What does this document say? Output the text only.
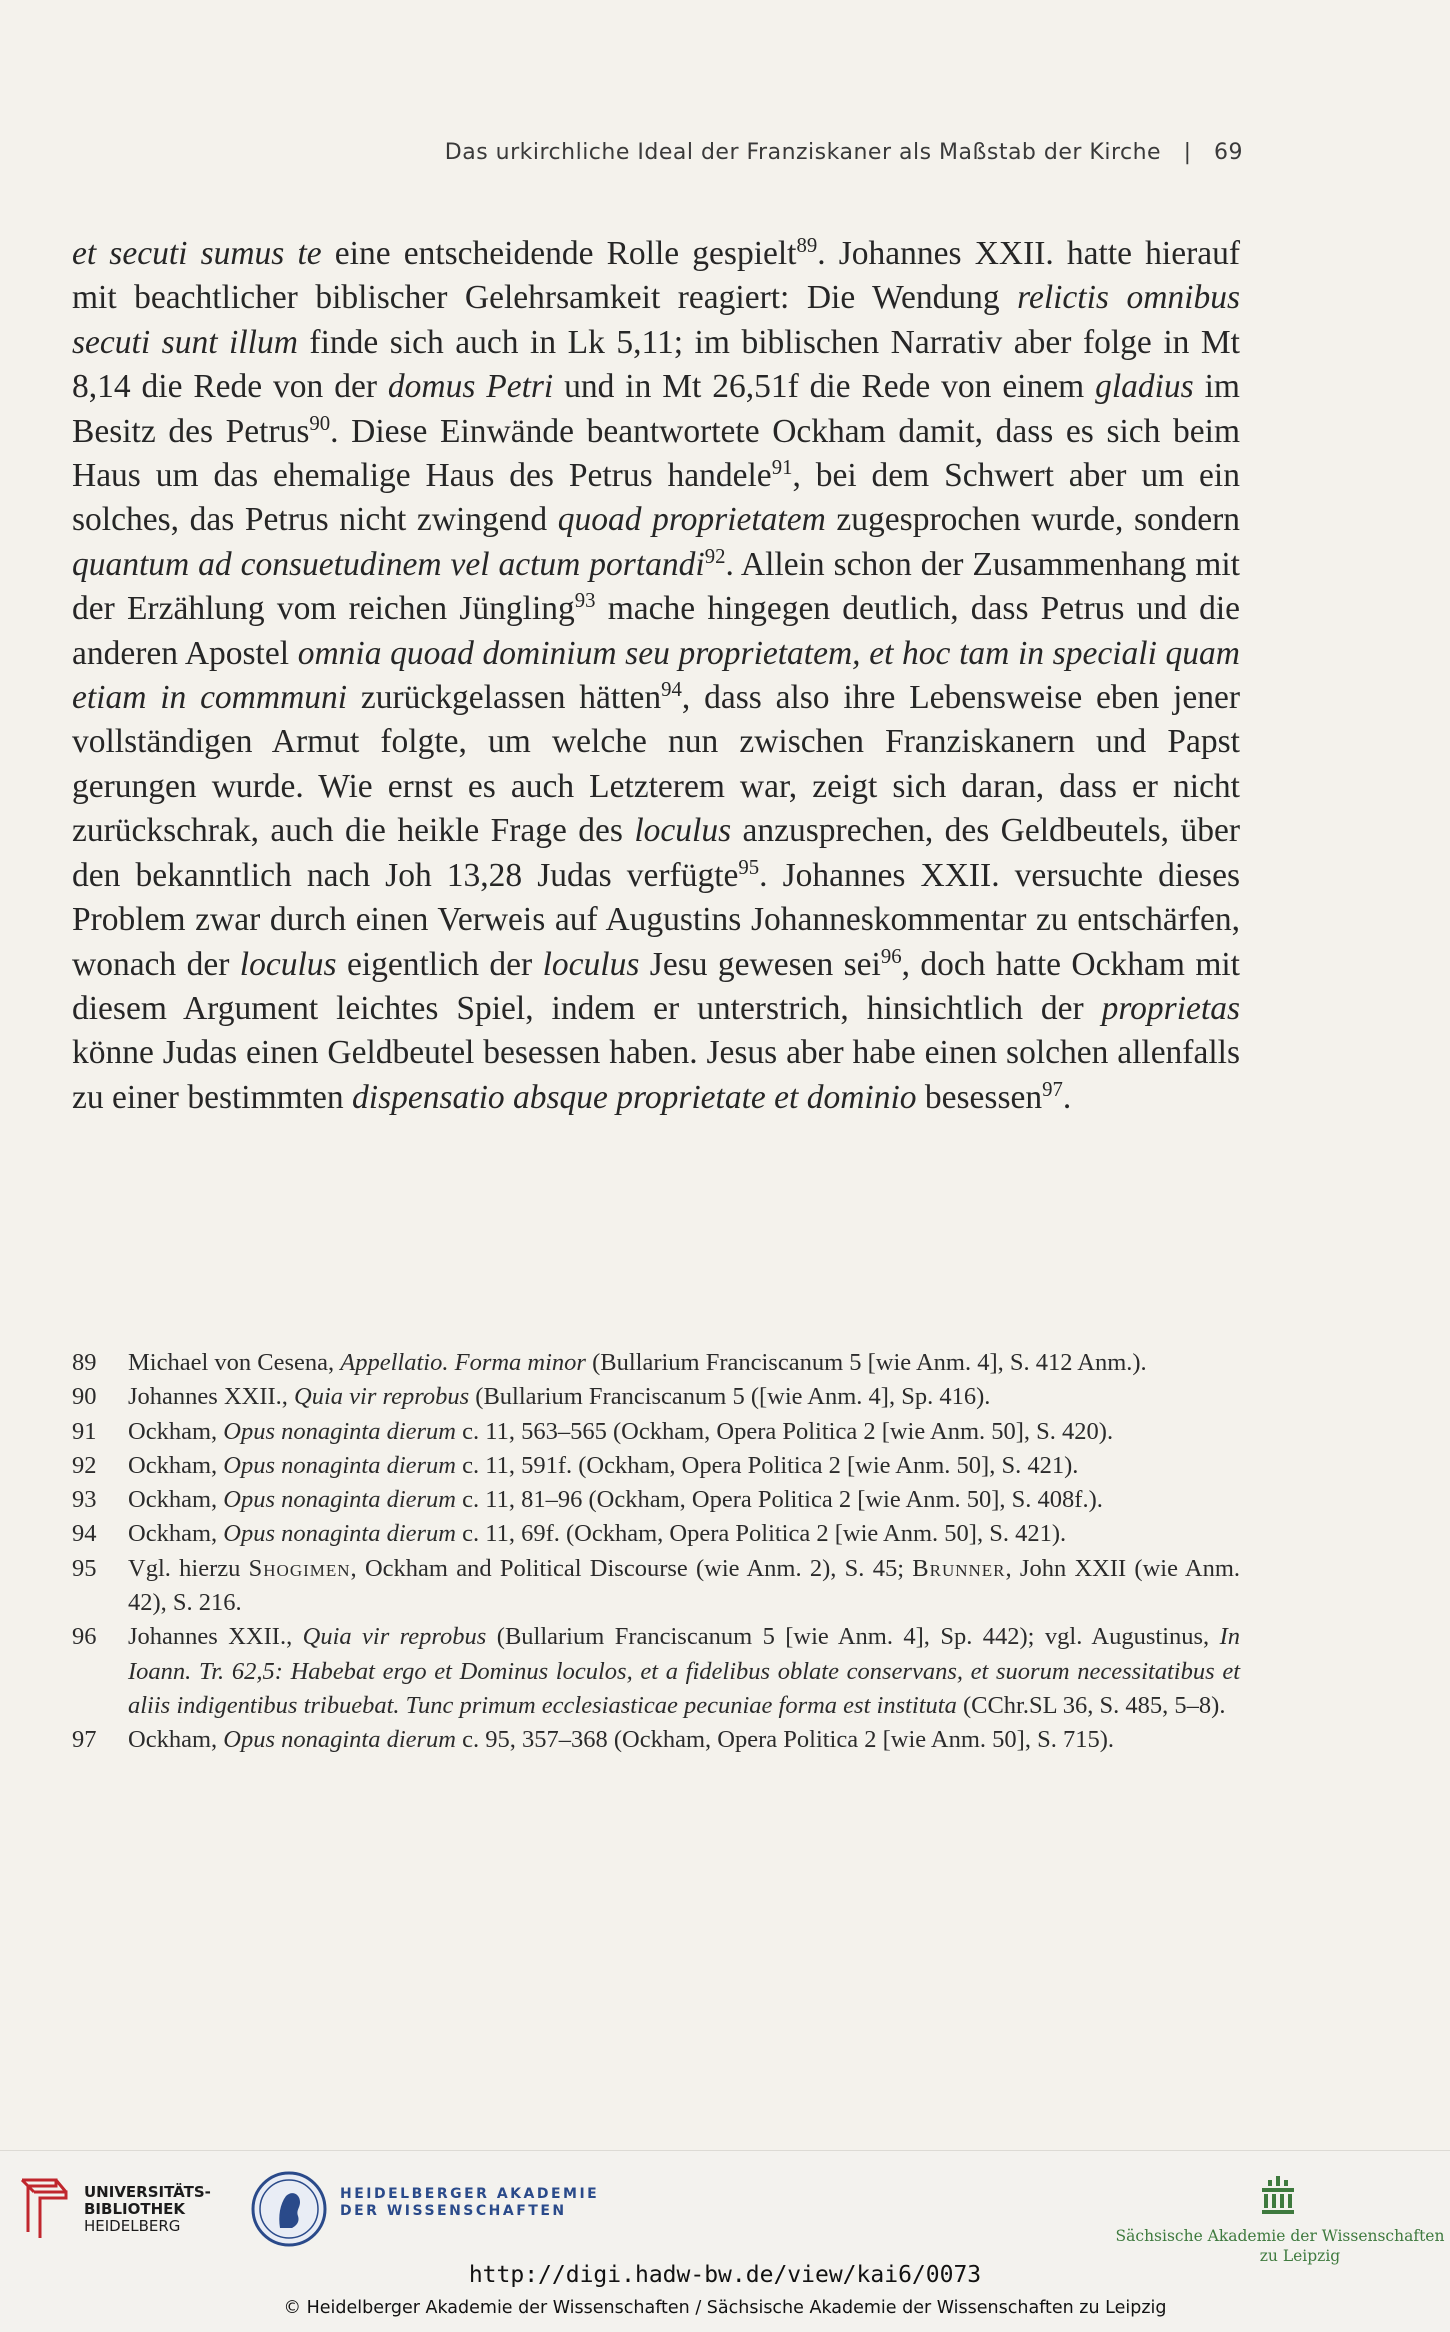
Das urkirchliche Ideal der Franziskaner als Maßstab der Kirche   |   69

et secuti sumus te eine entscheidende Rolle gespielt$^{89}$. Johannes XXII. hatte hierauf mit beachtlicher biblischer Gelehrsamkeit reagiert: Die Wendung relictis omnibus secuti sunt illum finde sich auch in Lk 5,11; im biblischen Narrativ aber folge in Mt 8,14 die Rede von der domus Petri und in Mt 26,51f die Rede von einem gladius im Besitz des Petrus$^{90}$. Diese Einwände beantwortete Ockham damit, dass es sich beim Haus um das ehemalige Haus des Petrus handele$^{91}$, bei dem Schwert aber um ein solches, das Petrus nicht zwingend quoad proprietatem zugesprochen wurde, sondern quantum ad consuetudinem vel actum portandi$^{92}$. Allein schon der Zusammenhang mit der Erzählung vom reichen Jüngling$^{93}$ mache hingegen deutlich, dass Petrus und die anderen Apostel omnia quoad dominium seu proprietatem, et hoc tam in speciali quam etiam in commmuni zurückgelassen hätten$^{94}$, dass also ihre Lebensweise eben jener vollständigen Armut folgte, um welche nun zwischen Franziskanern und Papst gerungen wurde. Wie ernst es auch Letzterem war, zeigt sich daran, dass er nicht zurückschrak, auch die heikle Frage des loculus anzusprechen, des Geldbeutels, über den bekanntlich nach Joh 13,28 Judas verfügte$^{95}$. Johannes XXII. versuchte dieses Problem zwar durch einen Verweis auf Augustins Johanneskommentar zu entschärfen, wonach der loculus eigentlich der loculus Jesu gewesen sei$^{96}$, doch hatte Ockham mit diesem Argument leichtes Spiel, indem er unterstrich, hinsichtlich der proprietas könne Judas einen Geldbeutel besessen haben. Jesus aber habe einen solchen allenfalls zu einer bestimmten dispensatio absque proprietate et dominio besessen$^{97}$.

89	Michael von Cesena, Appellatio. Forma minor (Bullarium Franciscanum 5 [wie Anm. 4], S. 412 Anm.).
90	Johannes XXII., Quia vir reprobus (Bullarium Franciscanum 5 ([wie Anm. 4], Sp. 416).
91	Ockham, Opus nonaginta dierum c. 11, 563–565 (Ockham, Opera Politica 2 [wie Anm. 50], S. 420).
92	Ockham, Opus nonaginta dierum c. 11, 591f. (Ockham, Opera Politica 2 [wie Anm. 50], S. 421).
93	Ockham, Opus nonaginta dierum c. 11, 81–96 (Ockham, Opera Politica 2 [wie Anm. 50], S. 408f.).
94	Ockham, Opus nonaginta dierum c. 11, 69f. (Ockham, Opera Politica 2 [wie Anm. 50], S. 421).
95	Vgl. hierzu Shogimen, Ockham and Political Discourse (wie Anm. 2), S. 45; Brunner, John XXII (wie Anm. 42), S. 216.
96	Johannes XXII., Quia vir reprobus (Bullarium Franciscanum 5 [wie Anm. 4], Sp. 442); vgl. Augustinus, In Ioann. Tr. 62,5: Habebat ergo et Dominus loculos, et a fidelibus oblate conservans, et suorum necessitatibus et aliis indigentibus tribuebat. Tunc primum ecclesiasticae pecuniae forma est instituta (CChr.SL 36, S. 485, 5–8).
97	Ockham, Opus nonaginta dierum c. 95, 357–368 (Ockham, Opera Politica 2 [wie Anm. 50], S. 715).
UNIVERSITÄTS-
BIBLIOTHEK
HEIDELBERG
HEIDELBERGER AKADEMIE
DER WISSENSCHAFTEN
Sächsische Akademie der Wissenschaften
zu Leipzig
http://digi.hadw-bw.de/view/kai6/0073
© Heidelberger Akademie der Wissenschaften / Sächsische Akademie der Wissenschaften zu Leipzig
